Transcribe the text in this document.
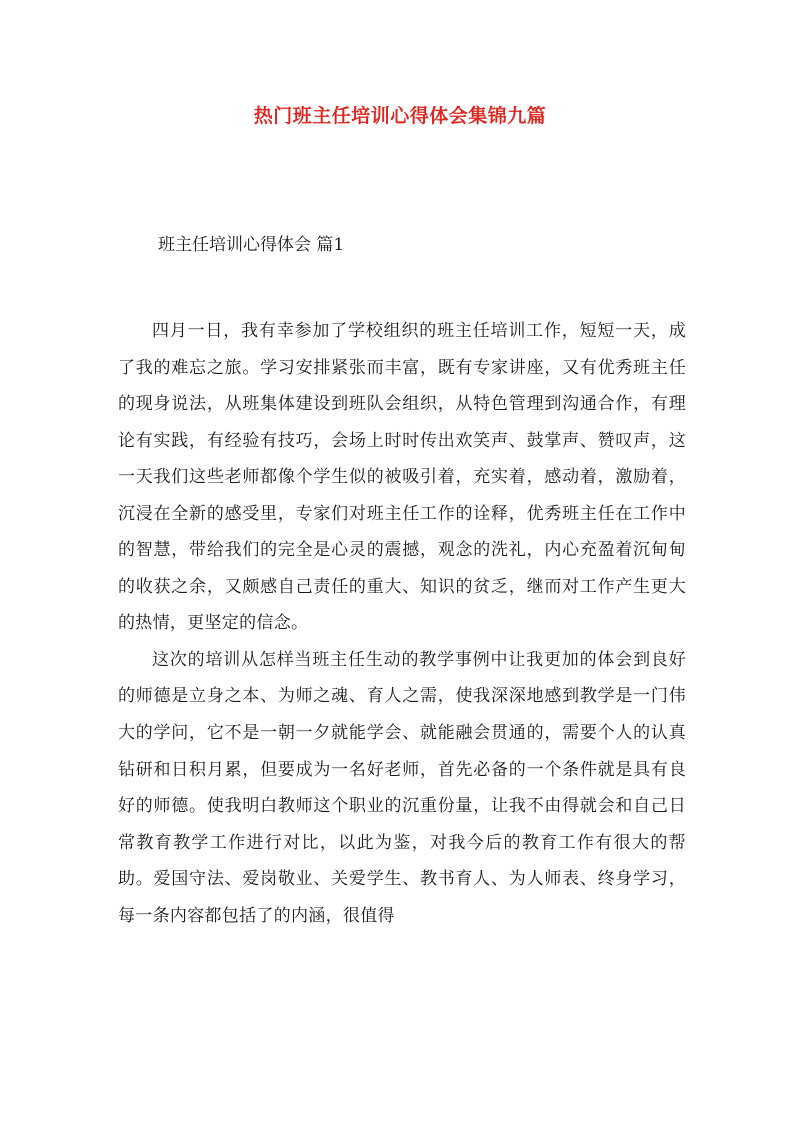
热门班主任培训心得体会集锦九篇
班主任培训心得体会 篇1

四月一日，我有幸参加了学校组织的班主任培训工作，短短一天，成了我的难忘之旅。学习安排紧张而丰富，既有专家讲座，又有优秀班主任的现身说法，从班集体建设到班队会组织，从特色管理到沟通合作，有理论有实践，有经验有技巧，会场上时时传出欢笑声、鼓掌声、赞叹声，这一天我们这些老师都像个学生似的被吸引着，充实着，感动着，激励着，沉浸在全新的感受里，专家们对班主任工作的诠释，优秀班主任在工作中的智慧，带给我们的完全是心灵的震撼，观念的洗礼，内心充盈着沉甸甸的收获之余，又颇感自己责任的重大、知识的贫乏，继而对工作产生更大的热情，更坚定的信念。

这次的培训从怎样当班主任生动的教学事例中让我更加的体会到良好的师德是立身之本、为师之魂、育人之需，使我深深地感到教学是一门伟大的学问，它不是一朝一夕就能学会、就能融会贯通的，需要个人的认真钻研和日积月累，但要成为一名好老师，首先必备的一个条件就是具有良好的师德。使我明白教师这个职业的沉重份量，让我不由得就会和自己日常教育教学工作进行对比，以此为鉴，对我今后的教育工作有很大的帮助。爱国守法、爱岗敬业、关爱学生、教书育人、为人师表、终身学习，每一条内容都包括了的内涵，很值得
